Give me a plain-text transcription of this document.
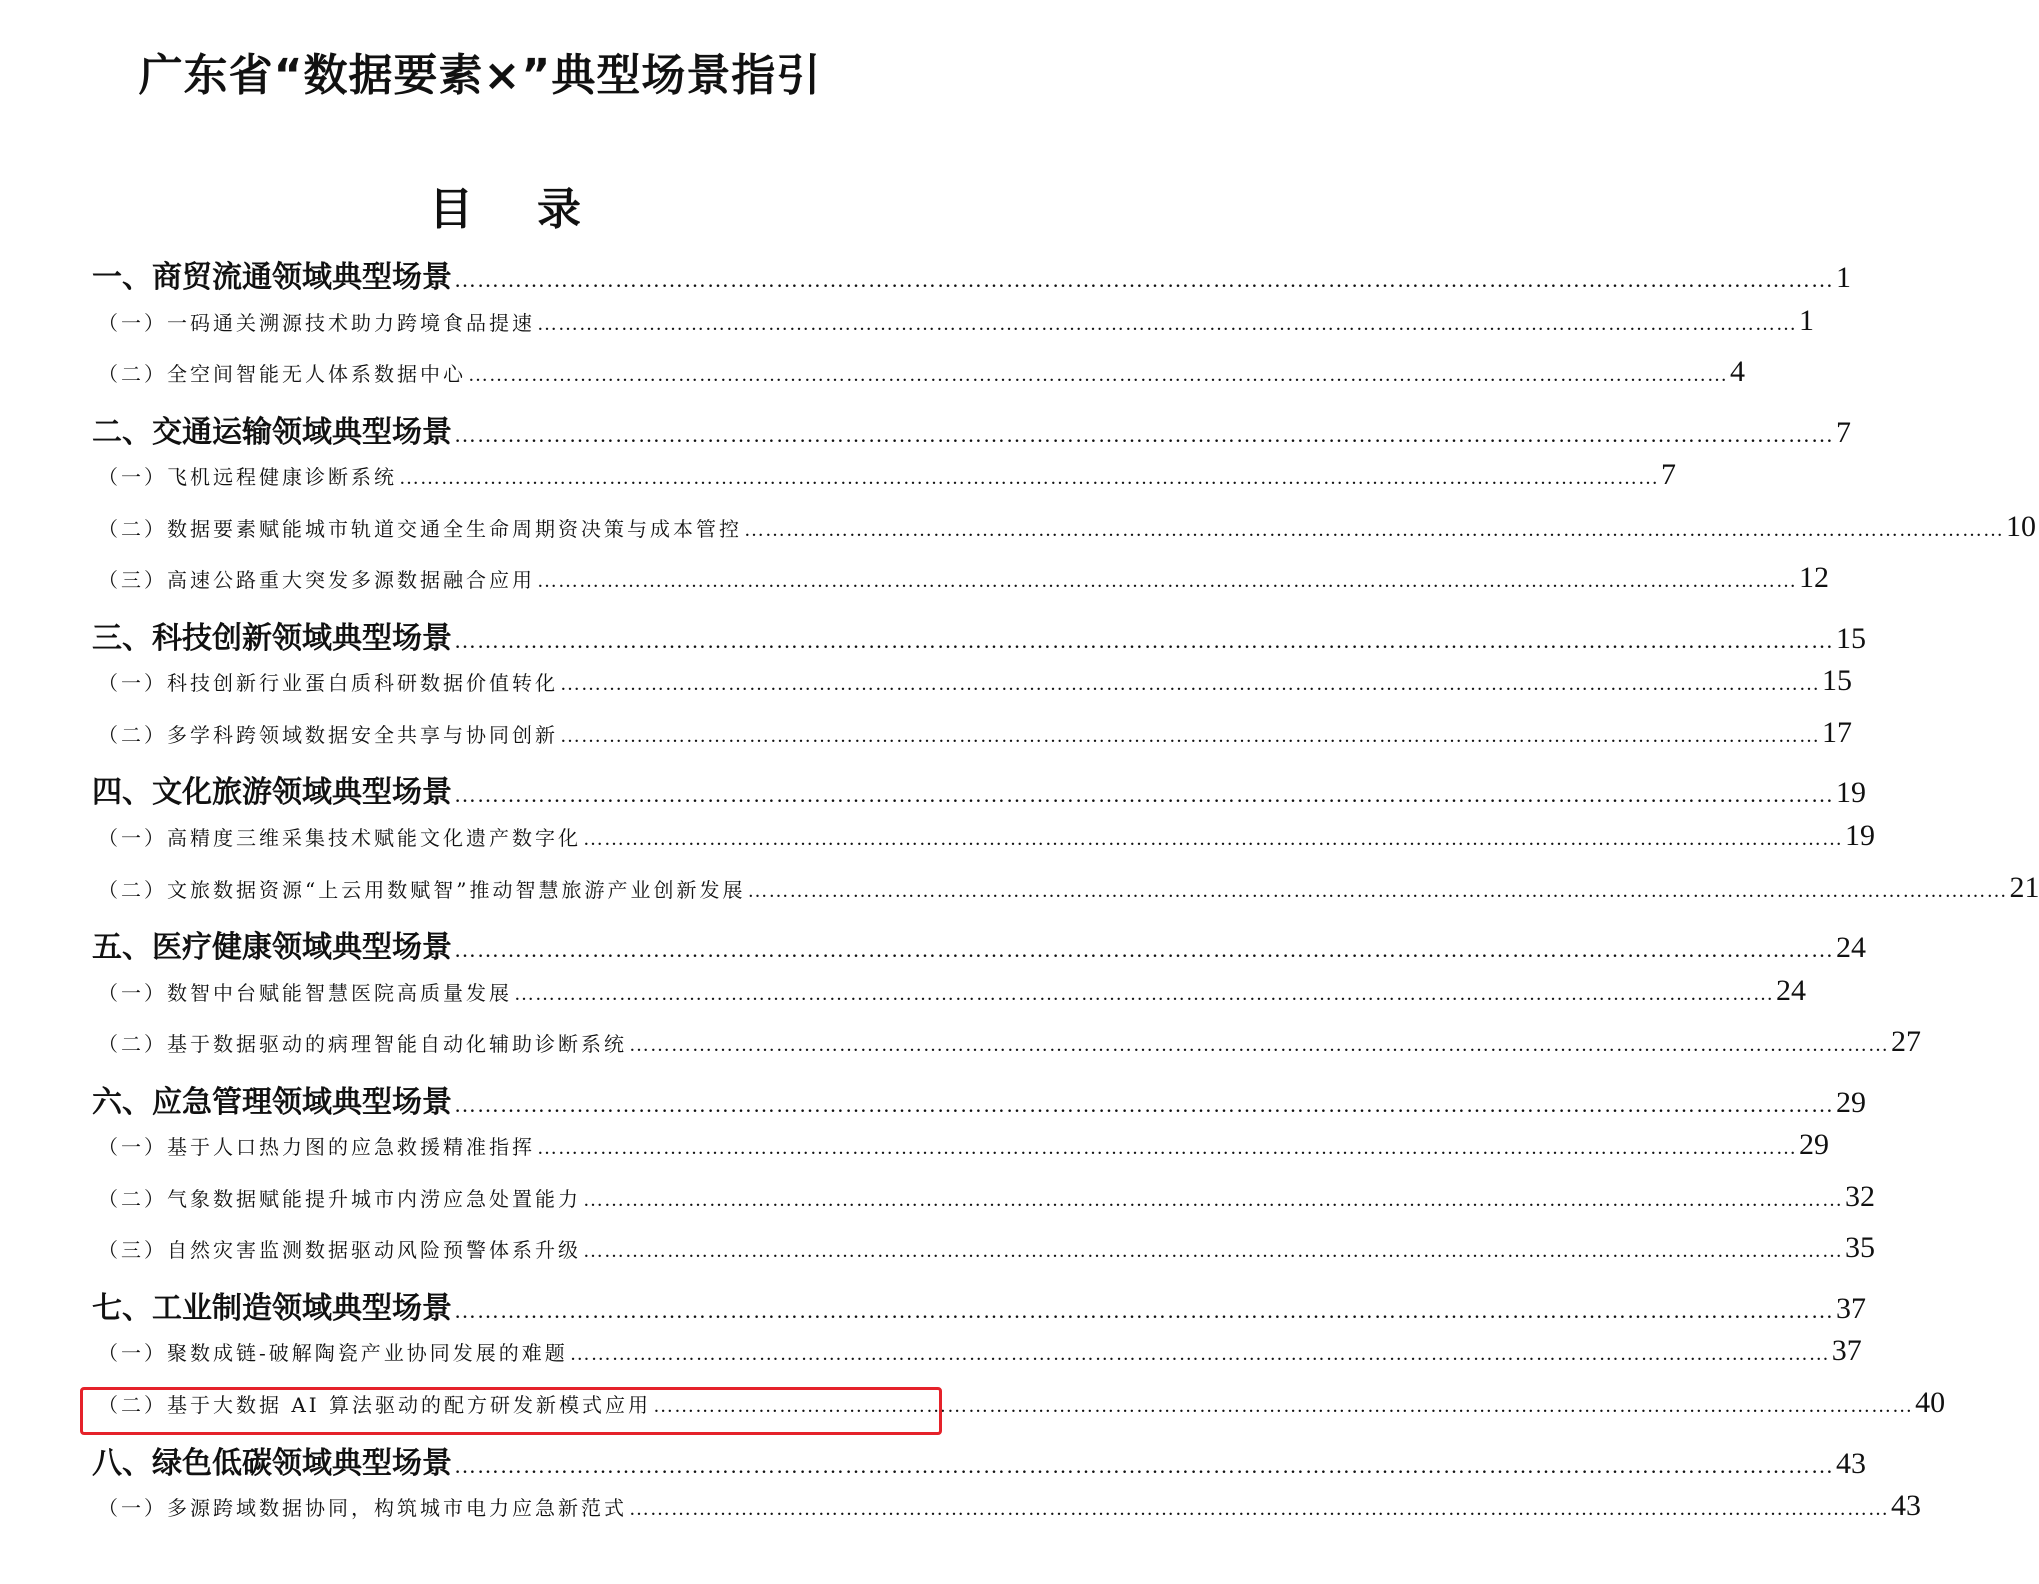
广东省“数据要素×”典型场景指引
目 录
一、商贸流通领域典型场景 ……………………………………………………………………………………………………………………………………………………………… 1
（一）一码通关溯源技术助力跨境食品提速 ……………………………………………………………………………………………………………………………………………………………… 1
（二）全空间智能无人体系数据中心 ……………………………………………………………………………………………………………………………………………………………… 4
二、交通运输领域典型场景 ……………………………………………………………………………………………………………………………………………………………… 7
（一）飞机远程健康诊断系统 ……………………………………………………………………………………………………………………………………………………………… 7
（二）数据要素赋能城市轨道交通全生命周期资决策与成本管控 ……………………………………………………………………………………………………………………………………………………………… 10
（三）高速公路重大突发多源数据融合应用 ……………………………………………………………………………………………………………………………………………………………… 12
三、科技创新领域典型场景 ……………………………………………………………………………………………………………………………………………………………… 15
（一）科技创新行业蛋白质科研数据价值转化 ……………………………………………………………………………………………………………………………………………………………… 15
（二）多学科跨领域数据安全共享与协同创新 ……………………………………………………………………………………………………………………………………………………………… 17
四、文化旅游领域典型场景 ……………………………………………………………………………………………………………………………………………………………… 19
（一）高精度三维采集技术赋能文化遗产数字化 ……………………………………………………………………………………………………………………………………………………………… 19
（二）文旅数据资源“上云用数赋智”推动智慧旅游产业创新发展 ……………………………………………………………………………………………………………………………………………………………… 21
五、医疗健康领域典型场景 ……………………………………………………………………………………………………………………………………………………………… 24
（一）数智中台赋能智慧医院高质量发展 ……………………………………………………………………………………………………………………………………………………………… 24
（二）基于数据驱动的病理智能自动化辅助诊断系统 ……………………………………………………………………………………………………………………………………………………………… 27
六、应急管理领域典型场景 ……………………………………………………………………………………………………………………………………………………………… 29
（一）基于人口热力图的应急救援精准指挥 ……………………………………………………………………………………………………………………………………………………………… 29
（二）气象数据赋能提升城市内涝应急处置能力 ……………………………………………………………………………………………………………………………………………………………… 32
（三）自然灾害监测数据驱动风险预警体系升级 ……………………………………………………………………………………………………………………………………………………………… 35
七、工业制造领域典型场景 ……………………………………………………………………………………………………………………………………………………………… 37
（一）聚数成链-破解陶瓷产业协同发展的难题 ……………………………………………………………………………………………………………………………………………………………… 37
（二）基于大数据 AI 算法驱动的配方研发新模式应用 ……………………………………………………………………………………………………………………………………………………………… 40
八、绿色低碳领域典型场景 ……………………………………………………………………………………………………………………………………………………………… 43
（一）多源跨域数据协同，构筑城市电力应急新范式 ……………………………………………………………………………………………………………………………………………………………… 43
